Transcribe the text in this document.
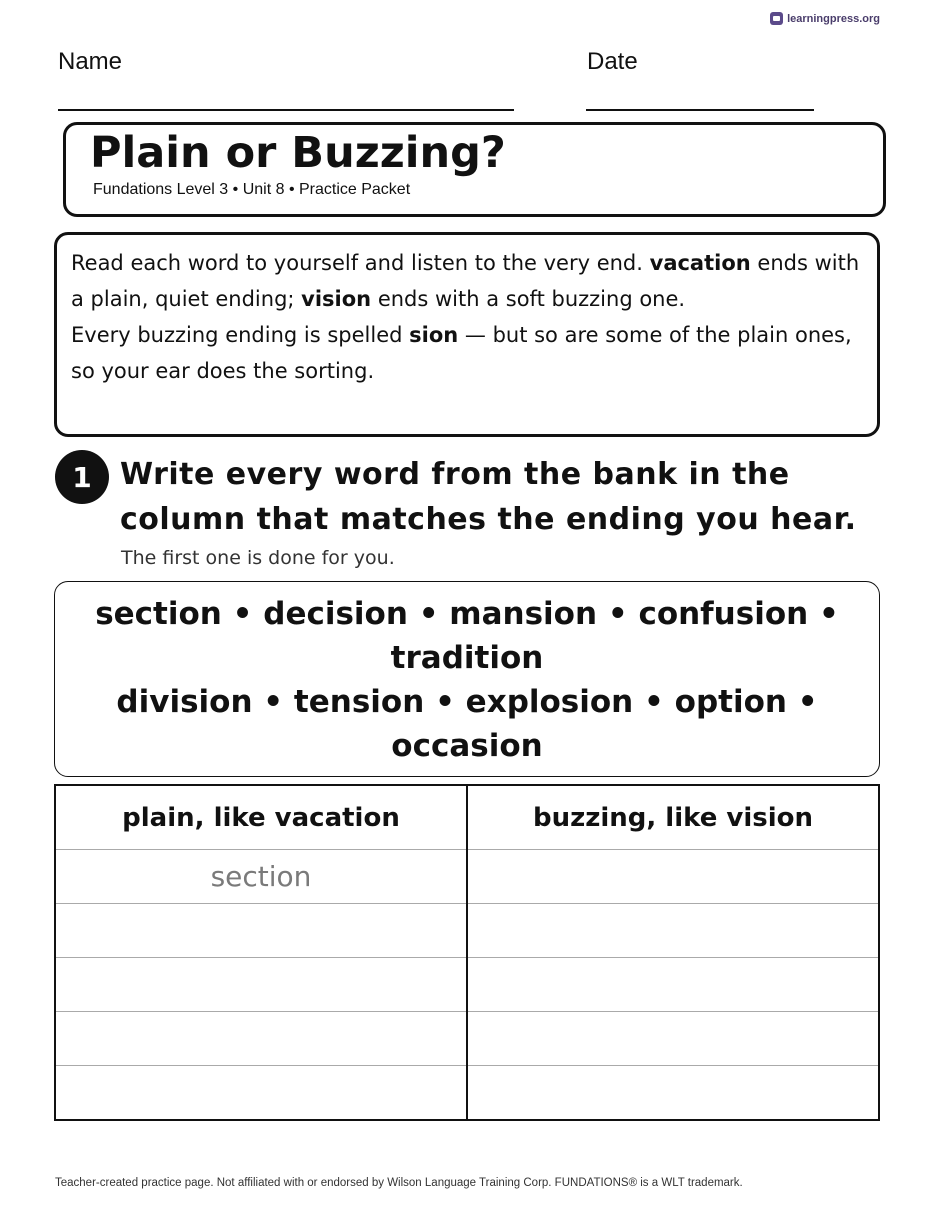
learningpress.org
Name	Date
Plain or Buzzing?
Fundations Level 3 • Unit 8 • Practice Packet

Read each word to yourself and listen to the very end. vacation ends with a plain, quiet ending; vision ends with a soft buzzing one.

Every buzzing ending is spelled sion — but so are some of the plain ones, so your ear does the sorting.

1 Write every word from the bank in the column that matches the ending you hear.

The first one is done for you.
section • decision • mansion • confusion • tradition
division • tension • explosion • option • occasion
plain, like vacation	buzzing, like vision
section	

Teacher-created practice page. Not affiliated with or endorsed by Wilson Language Training Corp. FUNDATIONS® is a WLT trademark.
